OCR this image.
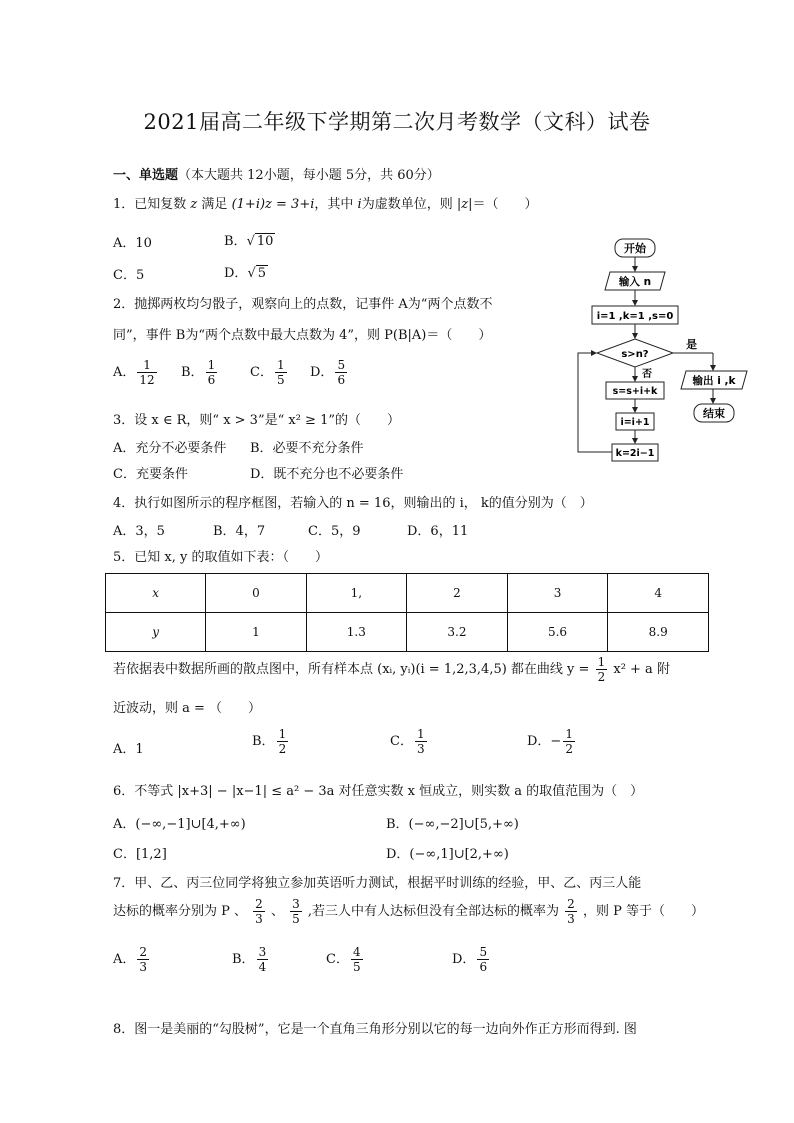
2021届高二年级下学期第二次月考数学（文科）试卷
一、单选题（本大题共 12小题，每小题 5分，共 60分）
1．已知复数 z 满足 (1+i)z = 3+i，其中 i为虚数单位，则 |z|＝（　　）
A．10	B．√ 10
C．5	D．√ 5
2．抛掷两枚均匀骰子，观察向上的点数，记事件 A为“两个点数不
同”，事件 B为“两个点数中最大点数为 4”，则 P(B|A)＝（　　）
A． $\frac{1}{12}$ B． $\frac{1}{6}$	C． $\frac{1}{5}$ D． $\frac{5}{6}$
3．设 x ∈ R，则“ x > 3”是“ x² ≥ 1”的（　　）
A．充分不必要条件 B．必要不充分条件
C．充要条件	D．既不充分也不必要条件
4．执行如图所示的程序框图，若输入的 n = 16，则输出的 i， k的值分别为（　）
A．3，5	B．4，7	C．5，9	D．6，11
5．已知 x, y 的取值如下表：（　　）
x	0	1,	2	3	4
y	1	1.3	3.2	5.6	8.9
若依据表中数据所画的散点图中，所有样本点 (xᵢ, yᵢ)(i = 1,2,3,4,5) 都在曲线 $y = \frac{1}{2} x^2 + a$ 附
近波动，则 a = （　　）
A．1
B． $\frac{1}{2}$	C． $\frac{1}{3}$	D．− $\frac{1}{2}$
6．不等式 |x+3| − |x−1| ≤ a² − 3a 对任意实数 x 恒成立，则实数 a 的取值范围为（　）
A．(−∞,−1]∪[4,+∞)	B．(−∞,−2]∪[5,+∞)
C．[1,2]	D．(−∞,1]∪[2,+∞)
7．甲、乙、丙三位同学将独立参加英语听力测试，根据平时训练的经验，甲、乙、丙三人能
达标的概率分别为 P 、 $\frac{2}{3}$ 、 $\frac{3}{5}$ ,若三人中有人达标但没有全部达标的概率为 $\frac{2}{3}$ ，则 P 等于（　　）
A． $\frac{2}{3}$	B． $\frac{3}{4}$	C． $\frac{4}{5}$	D． $\frac{5}{6}$
8．图一是美丽的“勾股树”，它是一个直角三角形分别以它的每一边向外作正方形而得到. 图
开始
输入 n
i=1 ,k=1 ,s=0
s>n?
是
输出 i ,k
结束
否
s=s+i+k
i=i+1
k=2i−1
